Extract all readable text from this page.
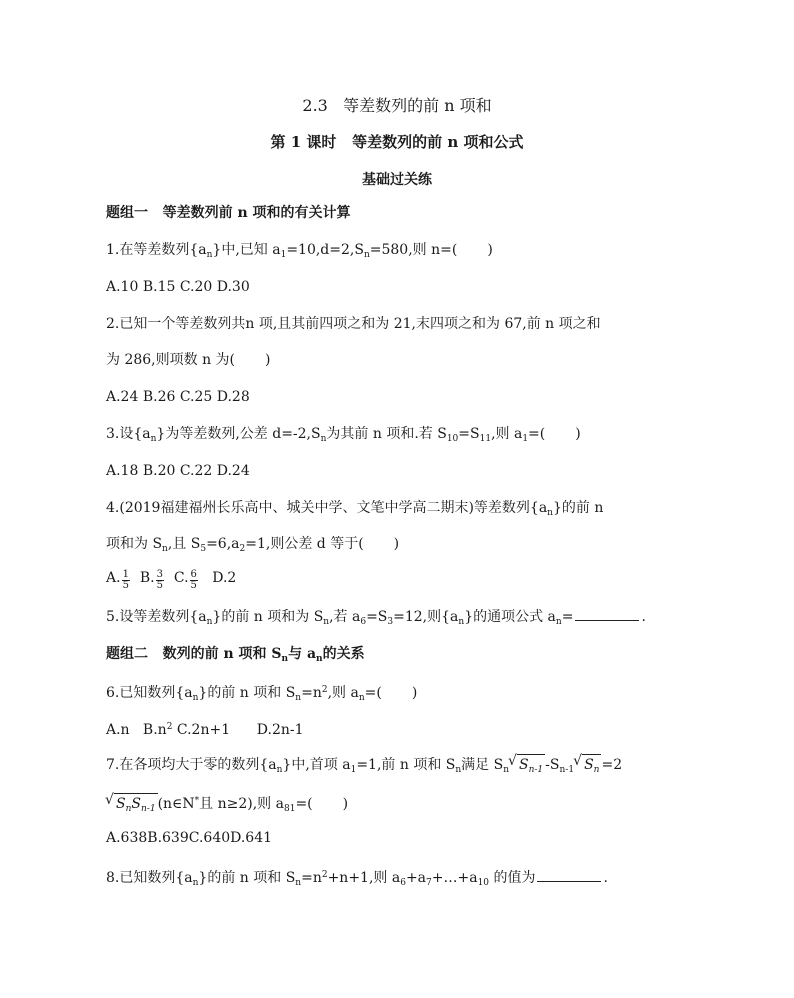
2.3   等差数列的前 n 项和
第 1 课时   等差数列的前 n 项和公式
基础过关练
题组一   等差数列前 n 项和的有关计算
1.在等差数列$\{a_n\}$中,已知 $a_1=10,d=2,S_n=580$,则 n=( )
A.10 B.15 C.20 D.30
2.已知一个等差数列共n 项,且其前四项之和为 21,末四项之和为 67,前 n 项之和
为 286,则项数 n 为( )
A.24 B.26 C.25 D.28
3.设$\{a_n\}$为等差数列,公差 $d=-2,S_n$为其前 n 项和.若 $S_{10}=S_{11}$,则 $a_1=$( )
A.18 B.20 C.22 D.24
4.(2019福建福州长乐高中、城关中学、文笔中学高二期末)等差数列$\{a_n\}$的前 n
项和为 $S_n$,且 $S_5=6,a_2=1$,则公差 d 等于( )
A. $\frac{1}{5} B$. $\frac{3}{5} C$. $\frac{6}{5} D.2$
5.设等差数列$\{a_n\}$的前 n 项和为 $S_n$,若 $a_6=S_3=12$,则$\{a_n\}$的通项公式 $a_n=$	.
题组二   数列的前 n 项和 $S_n$与 $a_n$的关系
6.已知数列$\{a_n\}$的前 n 项和 $S_n=n^2$,则 $a_n=$( )
A.n   $B.n^2$ C.2n+1      D.2n-1
7.在各项均大于零的数列$\{a_n\}$中,首项 $a_1=1$,前 n 项和 $S_n$满足 $S_n√$ $S_{n-1}$ $-S_{n-1}√$ $S_n =2$
√ $S_nS_{n-1}$ (n∈N*且 n≥2),则 $a_{81}=$( )
A.638B.639C.640D.641
8.已知数列$\{a_n\}$的前 n 项和 $S_n=n^2+n+1$,则 $a_6+a_7+\dots+a_{10}$ 的值为	.
